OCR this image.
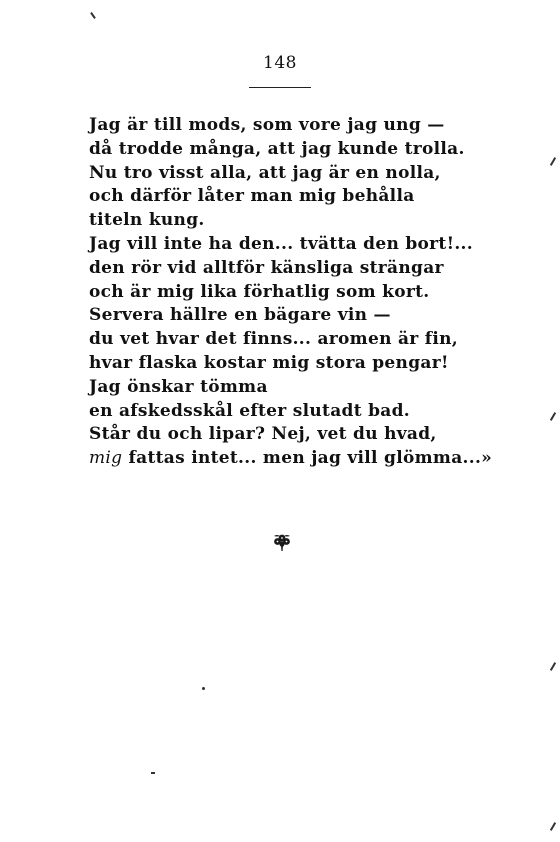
148
Jag är till mods, som vore jag ung —
då trodde många, att jag kunde trolla.
Nu tro visst alla, att jag är en nolla,
och därför låter man mig behålla
titeln kung.
Jag vill inte ha den... tvätta den bort!...
den rör vid alltför känsliga strängar
och är mig lika förhatlig som kort.
Servera hällre en bägare vin —
du vet hvar det finns... aromen är fin,
hvar flaska kostar mig stora pengar!
Jag önskar tömma
en afskedsskål efter slutadt bad.
Står du och lipar? Nej, vet du hvad,
mig fattas intet... men jag vill glömma...»
